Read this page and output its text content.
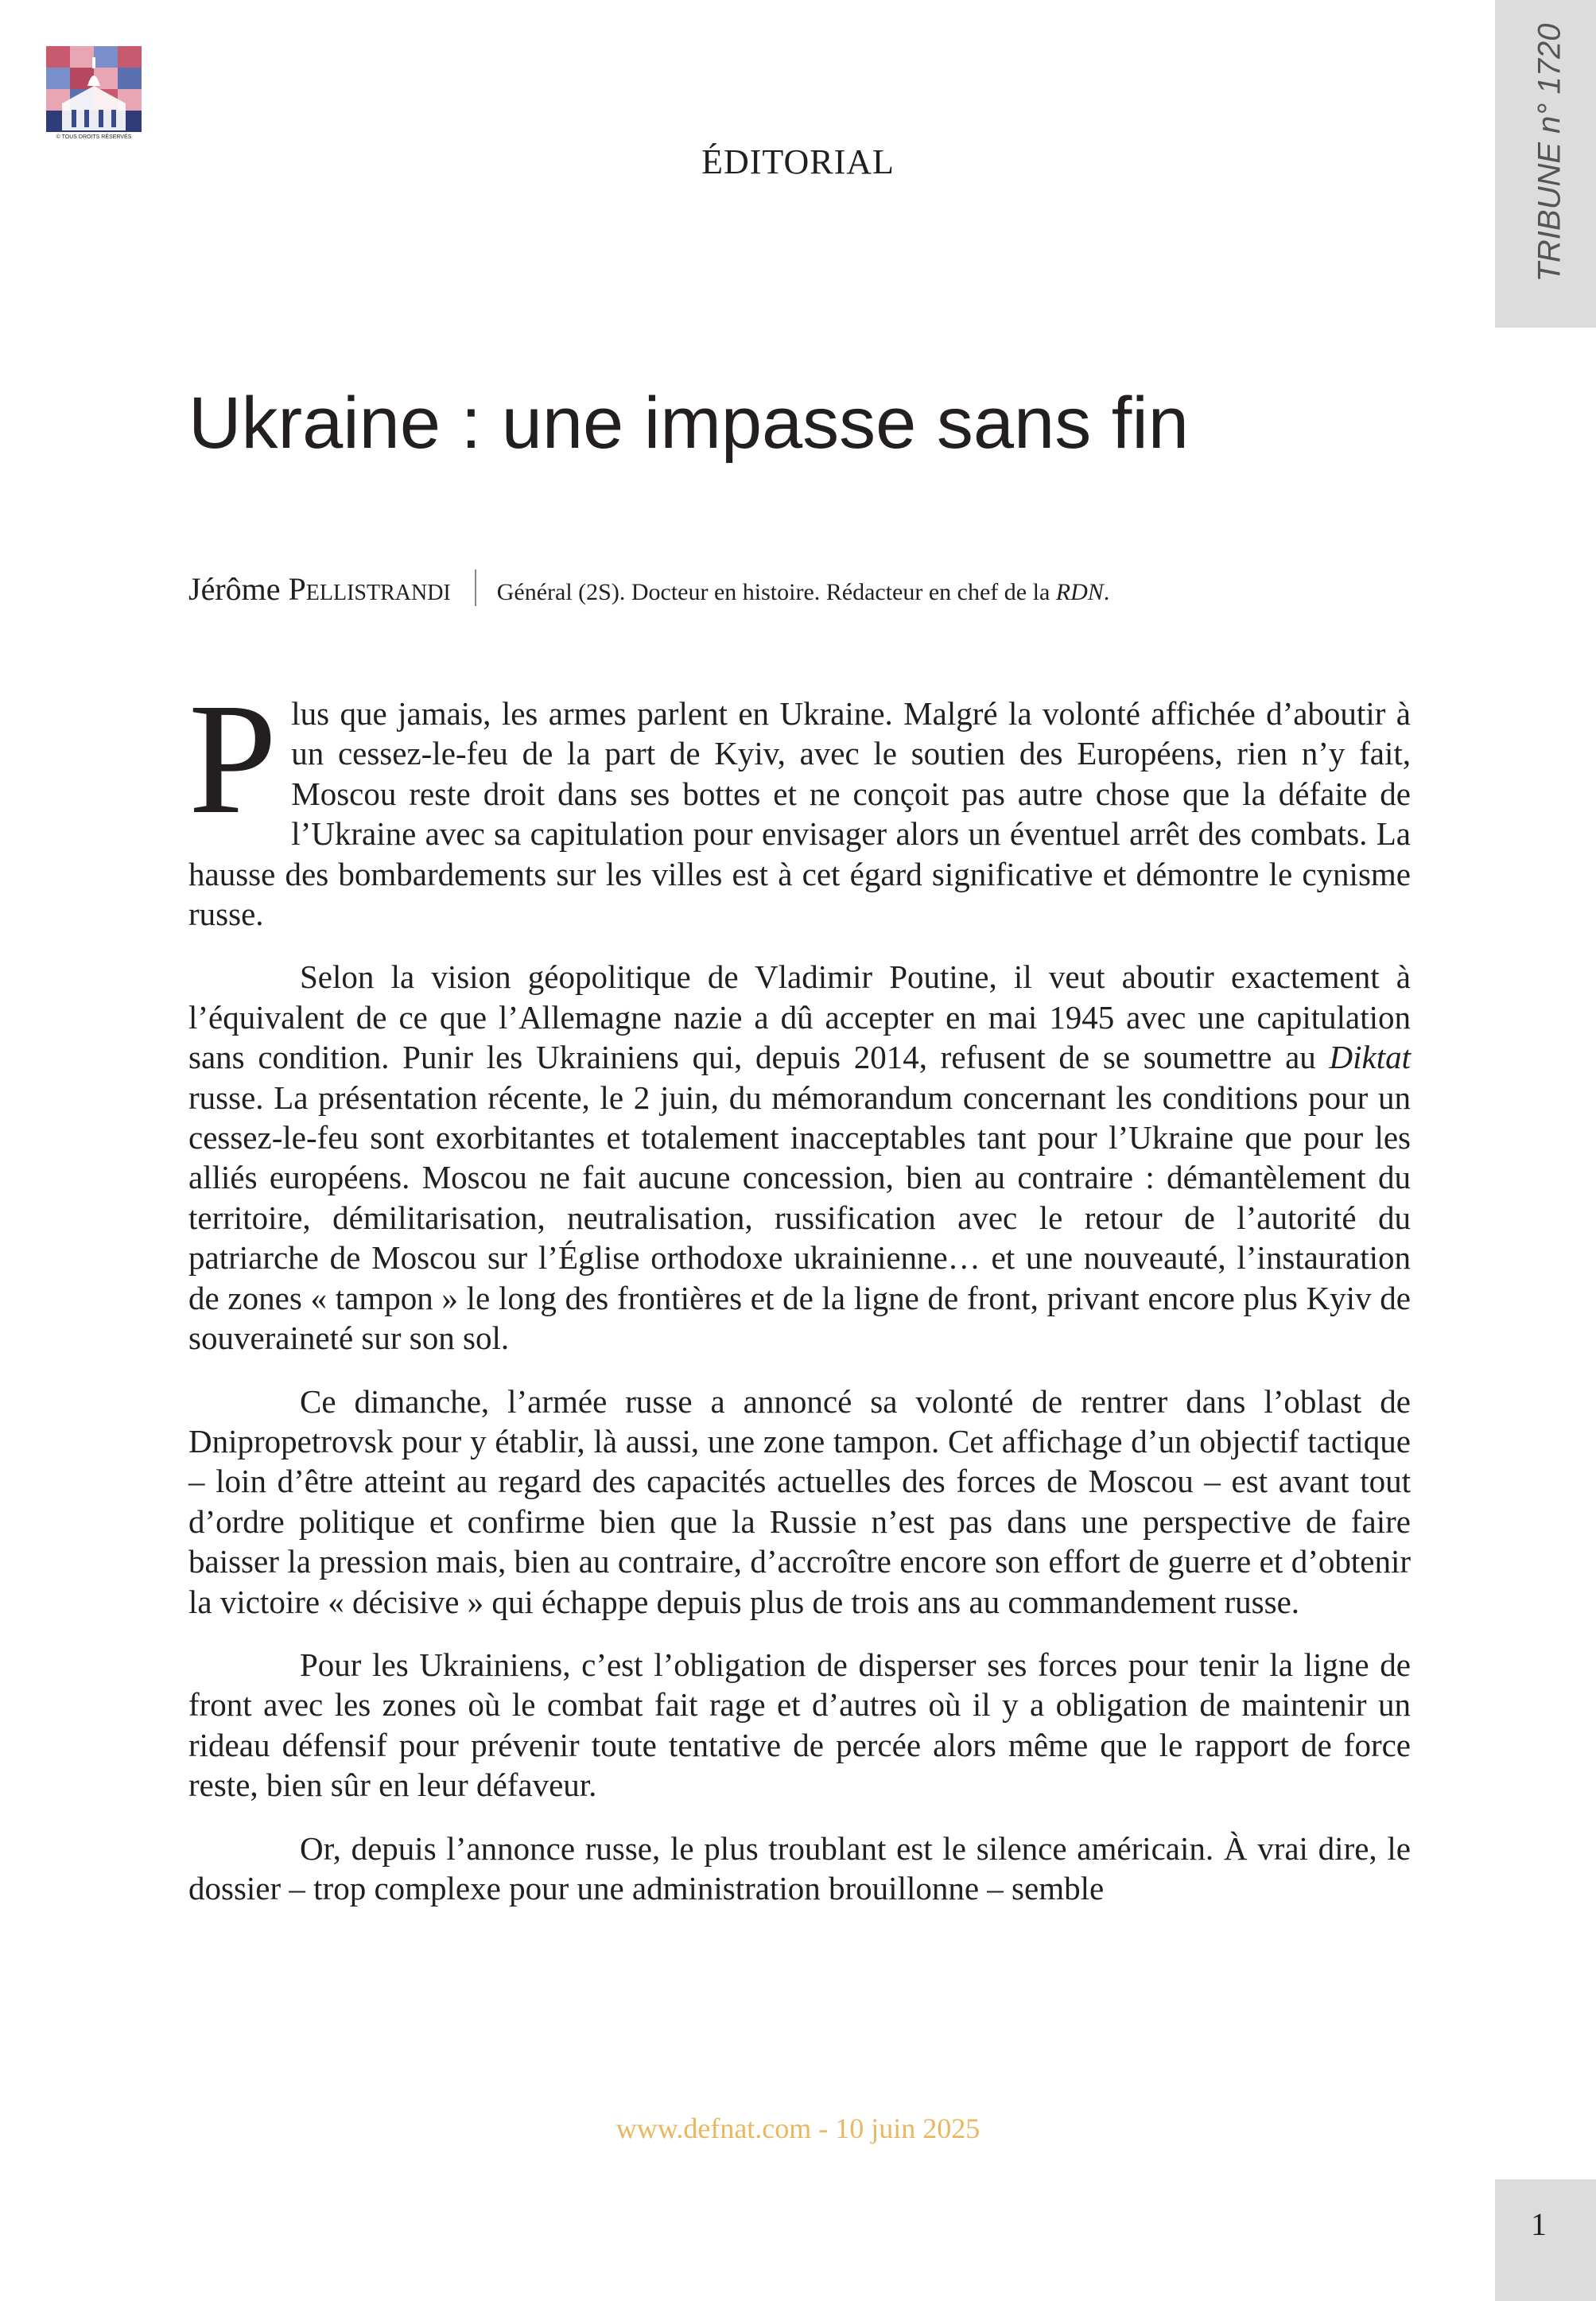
© TOUS DROITS RÉSERVÉS	TRIBUNE n° 1720
ÉDITORIAL
Ukraine : une impasse sans fin
Jérôme Pellistrandi Général (2S). Docteur en histoire. Rédacteur en chef de la RDN.

Plus que jamais, les armes parlent en Ukraine. Malgré la volonté affichée d’aboutir à un cessez-le-feu de la part de Kyiv, avec le soutien des Européens, rien n’y fait, Moscou reste droit dans ses bottes et ne conçoit pas autre chose que la défaite de l’Ukraine avec sa capitulation pour envisager alors un éventuel arrêt des combats. La hausse des bombardements sur les villes est à cet égard significative et démontre le cynisme russe.

Selon la vision géopolitique de Vladimir Poutine, il veut aboutir exactement à l’équivalent de ce que l’Allemagne nazie a dû accepter en mai 1945 avec une capitulation sans condition. Punir les Ukrainiens qui, depuis 2014, refusent de se soumettre au Diktat russe. La présentation récente, le 2 juin, du mémorandum concernant les conditions pour un cessez-le-feu sont exorbitantes et totalement inacceptables tant pour l’Ukraine que pour les alliés européens. Moscou ne fait aucune concession, bien au contraire : démantèlement du territoire, démilitarisation, neutralisation, russification avec le retour de l’autorité du patriarche de Moscou sur l’Église orthodoxe ukrainienne… et une nouveauté, l’instauration de zones « tampon » le long des frontières et de la ligne de front, privant encore plus Kyiv de souveraineté sur son sol.

Ce dimanche, l’armée russe a annoncé sa volonté de rentrer dans l’oblast de Dnipropetrovsk pour y établir, là aussi, une zone tampon. Cet affichage d’un objectif tactique – loin d’être atteint au regard des capacités actuelles des forces de Moscou – est avant tout d’ordre politique et confirme bien que la Russie n’est pas dans une perspective de faire baisser la pression mais, bien au contraire, d’accroître encore son effort de guerre et d’obtenir la victoire « décisive » qui échappe depuis plus de trois ans au commandement russe.

Pour les Ukrainiens, c’est l’obligation de disperser ses forces pour tenir la ligne de front avec les zones où le combat fait rage et d’autres où il y a obligation de maintenir un rideau défensif pour prévenir toute tentative de percée alors même que le rapport de force reste, bien sûr en leur défaveur.

Or, depuis l’annonce russe, le plus troublant est le silence américain. À vrai dire, le dossier – trop complexe pour une administration brouillonne – semble

www.defnat.com - 10 juin 2025
1
